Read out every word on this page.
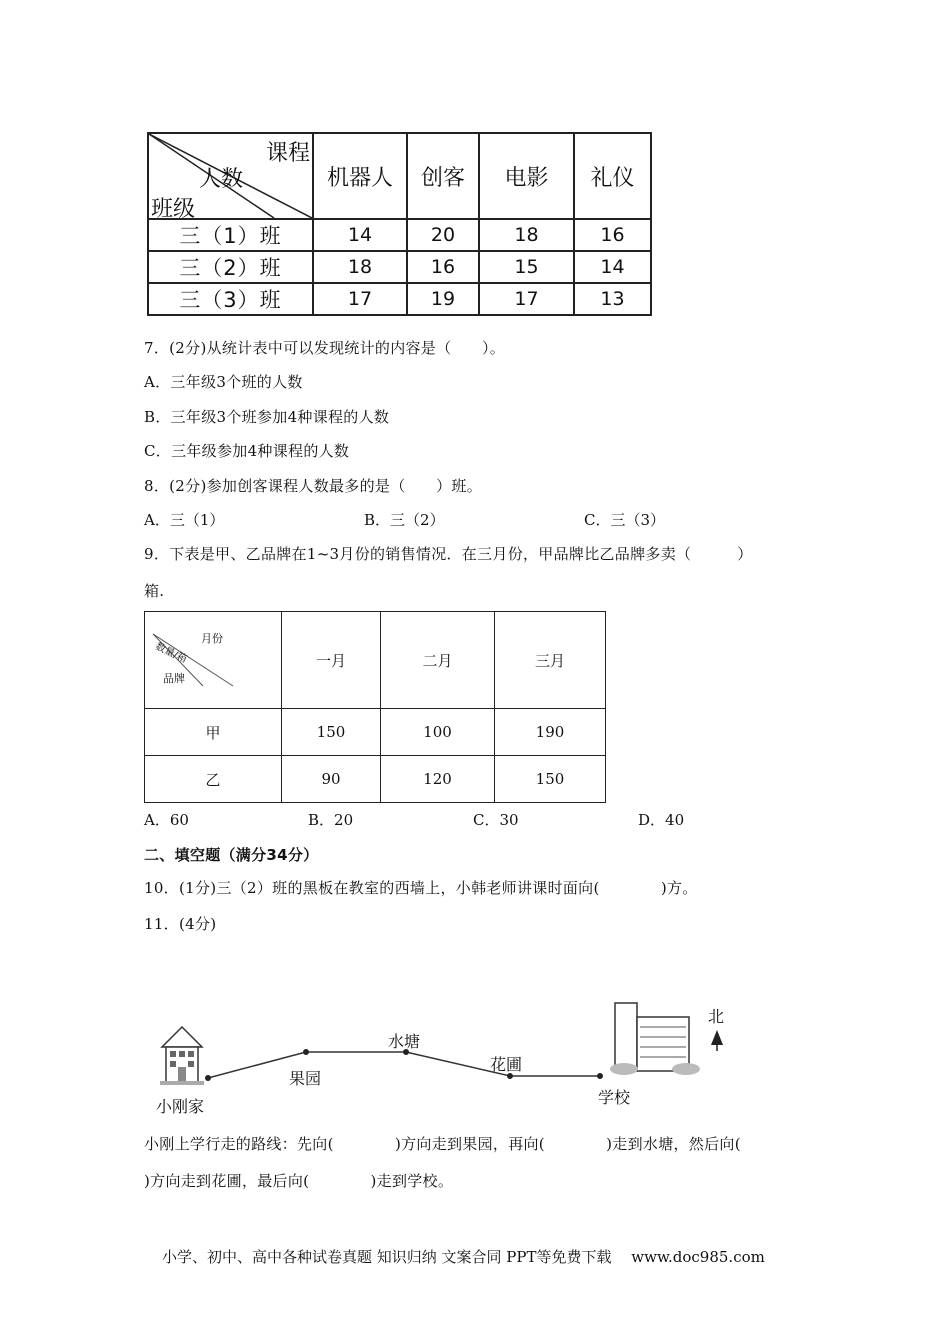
课程
人数
班级	机器人	创客	电影	礼仪
三（1）班	14	20	18	16
三（2）班	18	16	15	14
三（3）班	17	19	17	13
7．(2分)从统计表中可以发现统计的内容是（　　）。
A．三年级3个班的人数
B．三年级3个班参加4种课程的人数
C．三年级参加4种课程的人数
8．(2分)参加创客课程人数最多的是（　　）班。
A．三（1）	B．三（2）	C．三（3）
9．下表是甲、乙品牌在1~3月份的销售情况．在三月份，甲品牌比乙品牌多卖（　　　）
箱.
月份
数量/箱
品牌	一月	二月	三月
甲	150	100	190
乙	90	120	150
A．60	B．20	C．30	D．40
二、填空题（满分34分）
10．(1分)三（2）班的黑板在教室的西墙上，小韩老师讲课时面向(　　　　)方。
11．(4分)
小刚家
果园
水塘
花圃
学校
北
小刚上学行走的路线：先向(　　　　)方向走到果园，再向(　　　　)走到水塘，然后向(
)方向走到花圃，最后向(　　　　)走到学校。
小学、初中、高中各种试卷真题 知识归纳 文案合同 PPT等免费下载　 www.doc985.com
